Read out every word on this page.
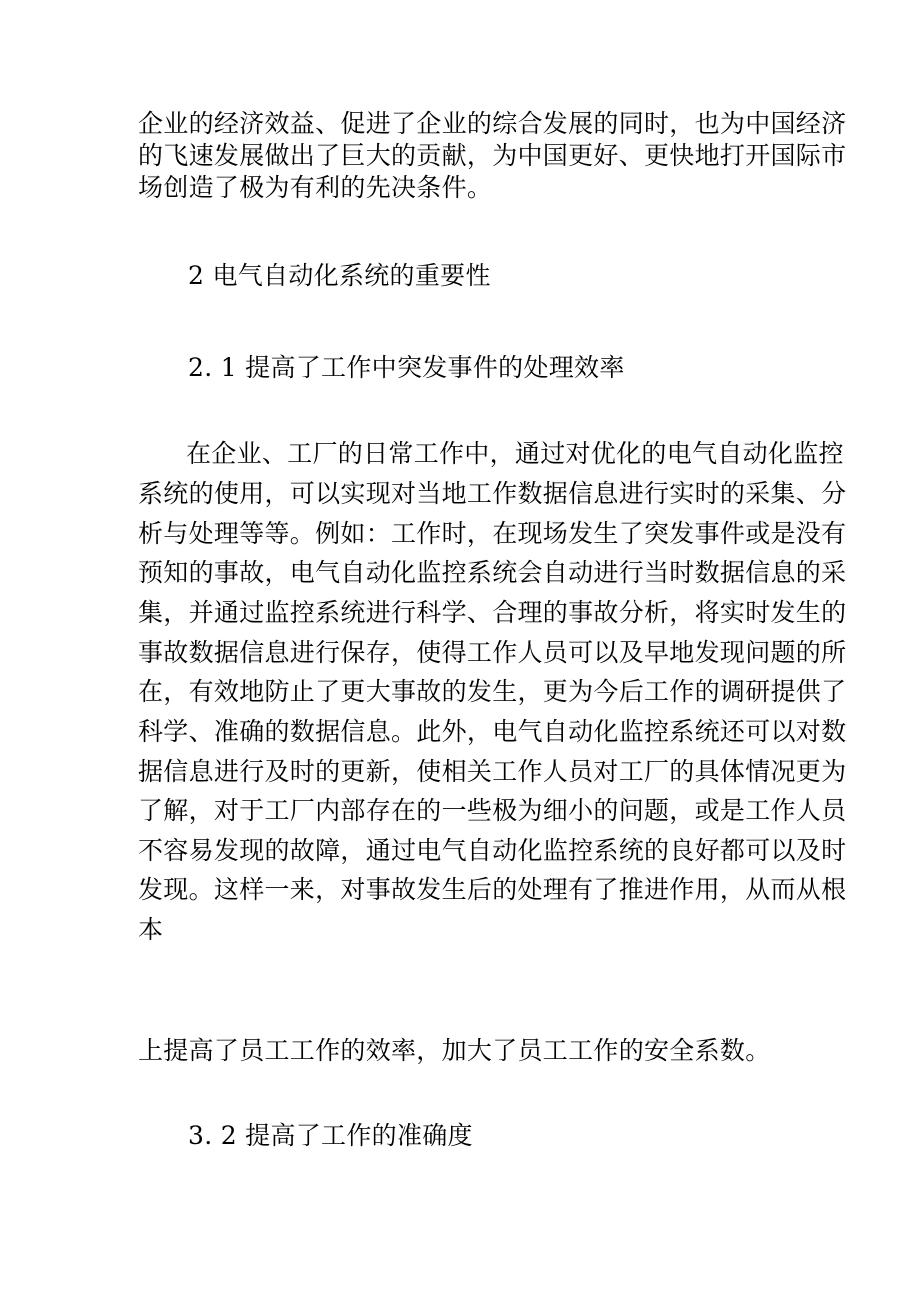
企业的经济效益、促进了企业的综合发展的同时，也为中国经济
的飞速发展做出了巨大的贡献，为中国更好、更快地打开国际市
场创造了极为有利的先决条件。
2 电气自动化系统的重要性
2. 1 提高了工作中突发事件的处理效率
在企业、工厂的日常工作中，通过对优化的电气自动化监控
系统的使用，可以实现对当地工作数据信息进行实时的采集、分
析与处理等等。例如：工作时，在现场发生了突发事件或是没有
预知的事故，电气自动化监控系统会自动进行当时数据信息的采
集，并通过监控系统进行科学、合理的事故分析，将实时发生的
事故数据信息进行保存，使得工作人员可以及早地发现问题的所
在，有效地防止了更大事故的发生，更为今后工作的调研提供了
科学、准确的数据信息。此外，电气自动化监控系统还可以对数
据信息进行及时的更新，使相关工作人员对工厂的具体情况更为
了解，对于工厂内部存在的一些极为细小的问题，或是工作人员
不容易发现的故障，通过电气自动化监控系统的良好都可以及时
发现。这样一来，对事故发生后的处理有了推进作用，从而从根
本
上提高了员工工作的效率，加大了员工工作的安全系数。
3. 2 提高了工作的准确度
